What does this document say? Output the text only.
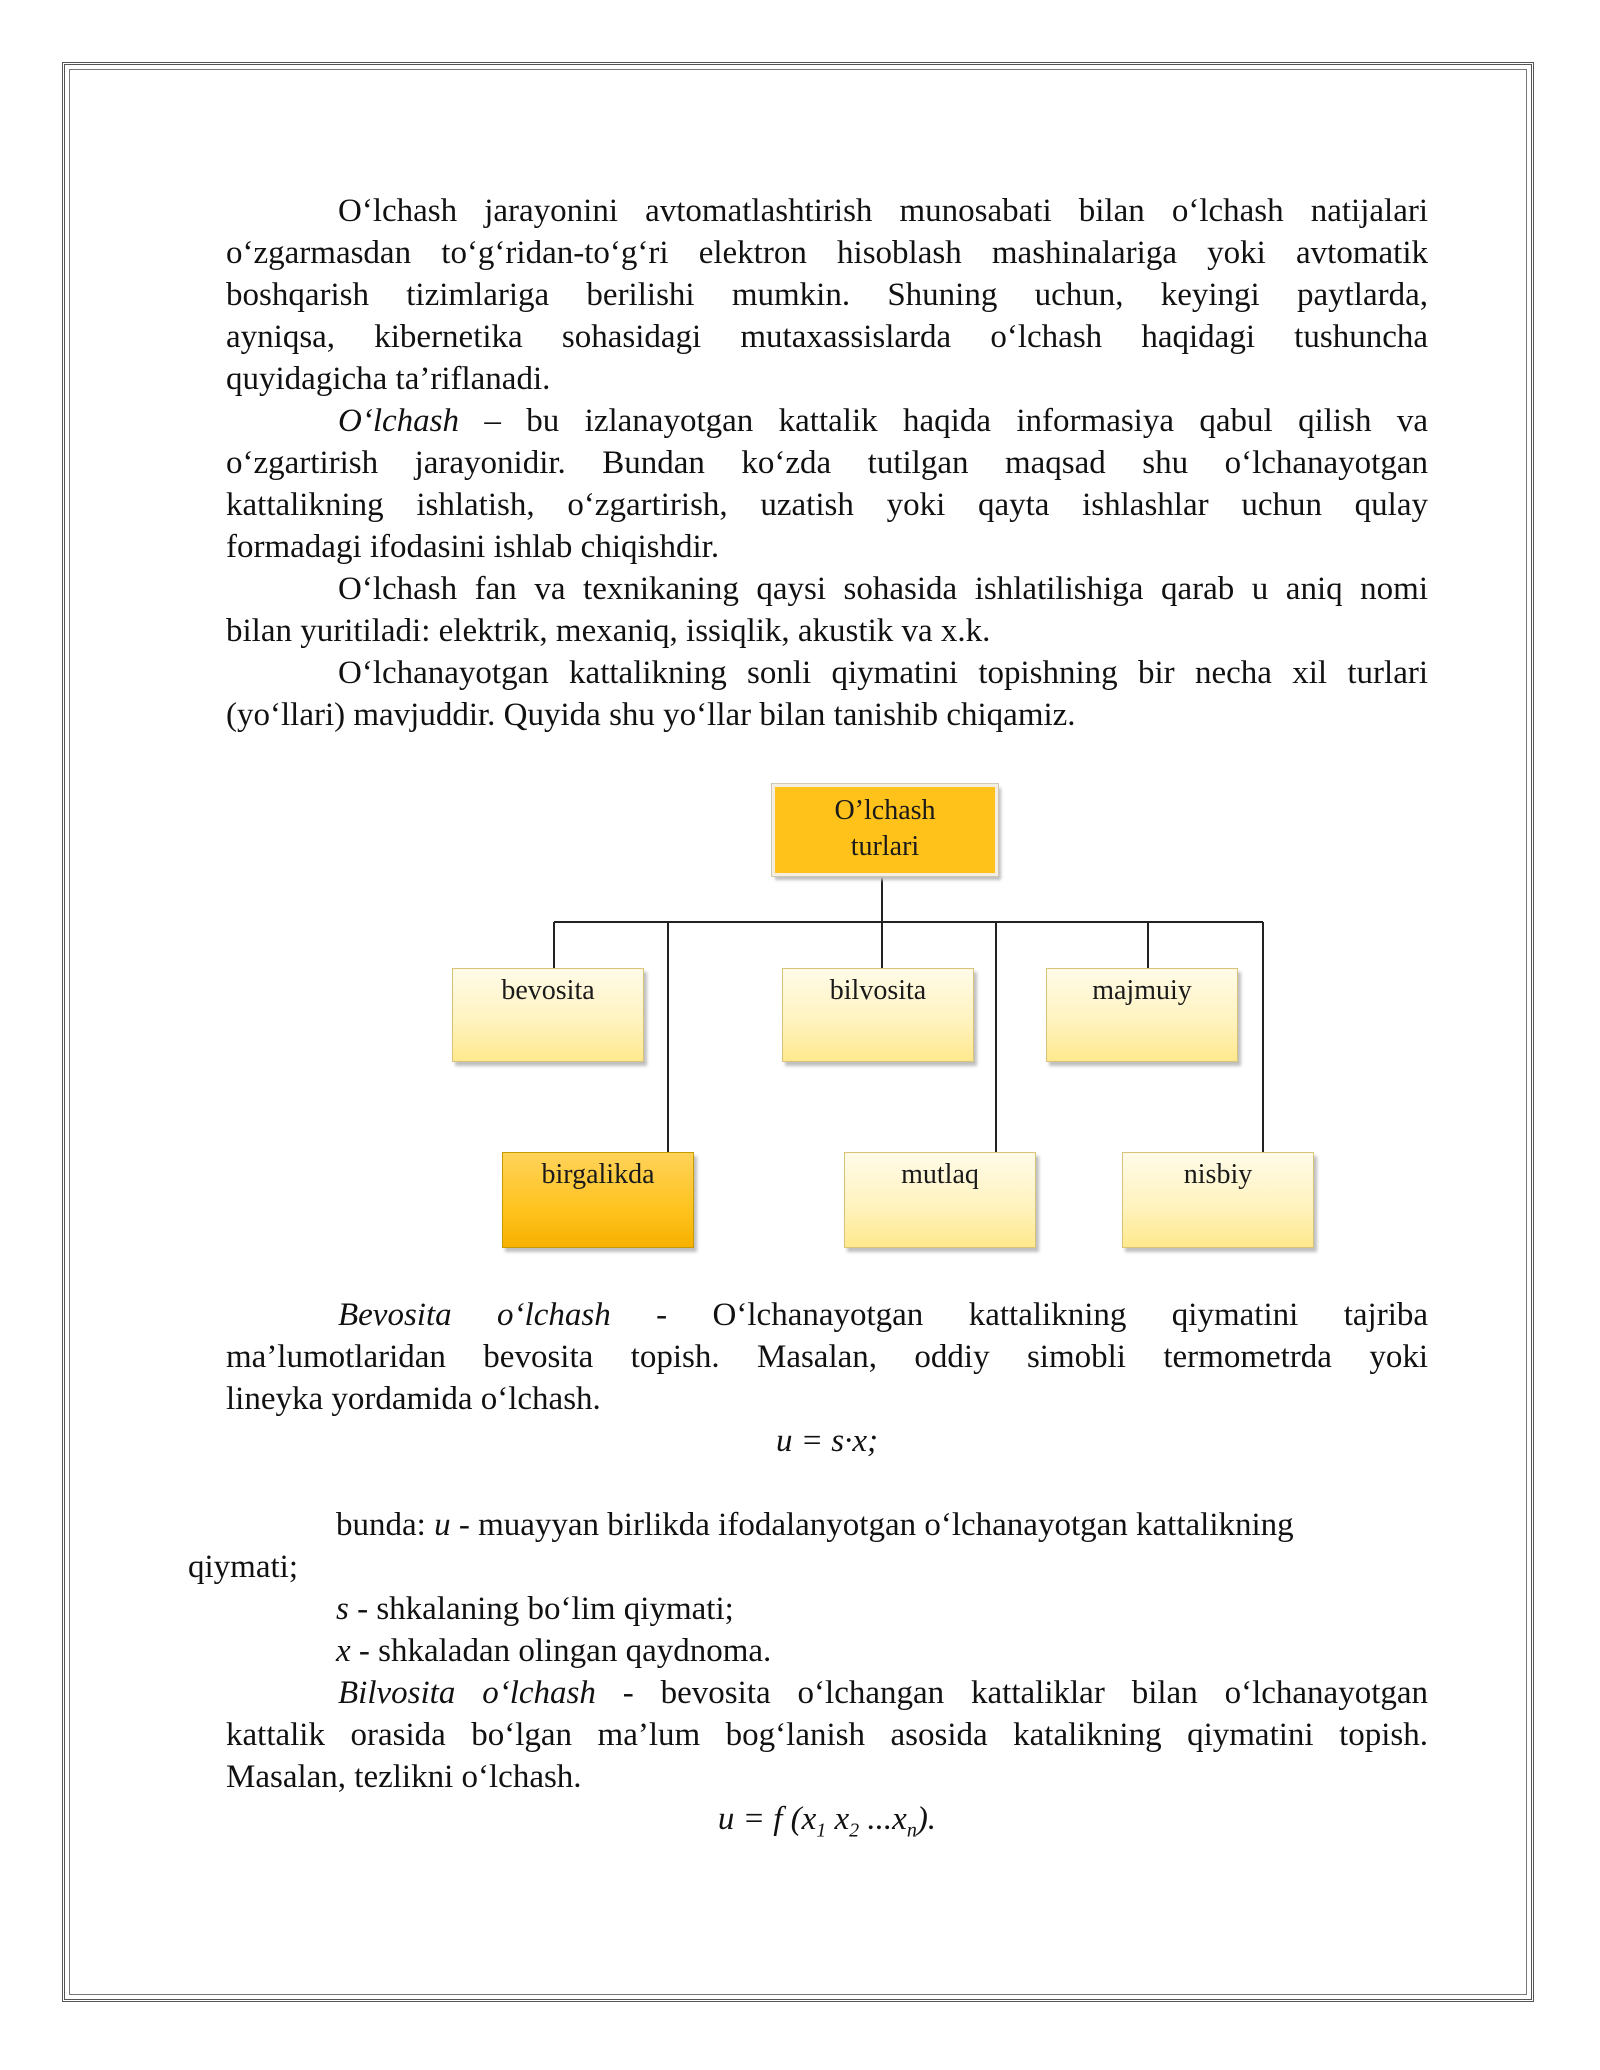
O‘lchash jarayonini avtomatlashtirish munosabati bilan o‘lchash natijalari
o‘zgarmasdan to‘g‘ridan-to‘g‘ri elektron hisoblash mashinalariga yoki avtomatik
boshqarish tizimlariga berilishi mumkin. Shuning uchun, keyingi paytlarda,
ayniqsa, kibernetika sohasidagi mutaxassislarda o‘lchash haqidagi tushuncha
quyidagicha ta’riflanadi.
O‘lchash – bu izlanayotgan kattalik haqida informasiya qabul qilish va
o‘zgartirish jarayonidir. Bundan ko‘zda tutilgan maqsad shu o‘lchanayotgan
kattalikning ishlatish, o‘zgartirish, uzatish yoki qayta ishlashlar uchun qulay
formadagi ifodasini ishlab chiqishdir.
O‘lchash fan va texnikaning qaysi sohasida ishlatilishiga qarab u aniq nomi
bilan yuritiladi: elektrik, mexaniq, issiqlik, akustik va x.k.
O‘lchanayotgan kattalikning sonli qiymatini topishning bir necha xil turlari
(yo‘llari) mavjuddir. Quyida shu yo‘llar bilan tanishib chiqamiz.
O’lchash
turlari
bevosita	bilvosita	majmuiy
birgalikda	mutlaq	nisbiy
Bevosita o‘lchash - O‘lchanayotgan kattalikning qiymatini tajriba
ma’lumotlaridan bevosita topish. Masalan, oddiy simobli termometrda yoki
lineyka yordamida o‘lchash.
u = s·x;
bunda: u - muayyan birlikda ifodalanyotgan o‘lchanayotgan kattalikning
qiymati;
s - shkalaning bo‘lim qiymati;
x - shkaladan olingan qaydnoma.
Bilvosita o‘lchash - bevosita o‘lchangan kattaliklar bilan o‘lchanayotgan
kattalik orasida bo‘lgan ma’lum bog‘lanish asosida katalikning qiymatini topish.
Masalan, tezlikni o‘lchash.
u = f ($x_1$ $x_2$ $...x_n$).
